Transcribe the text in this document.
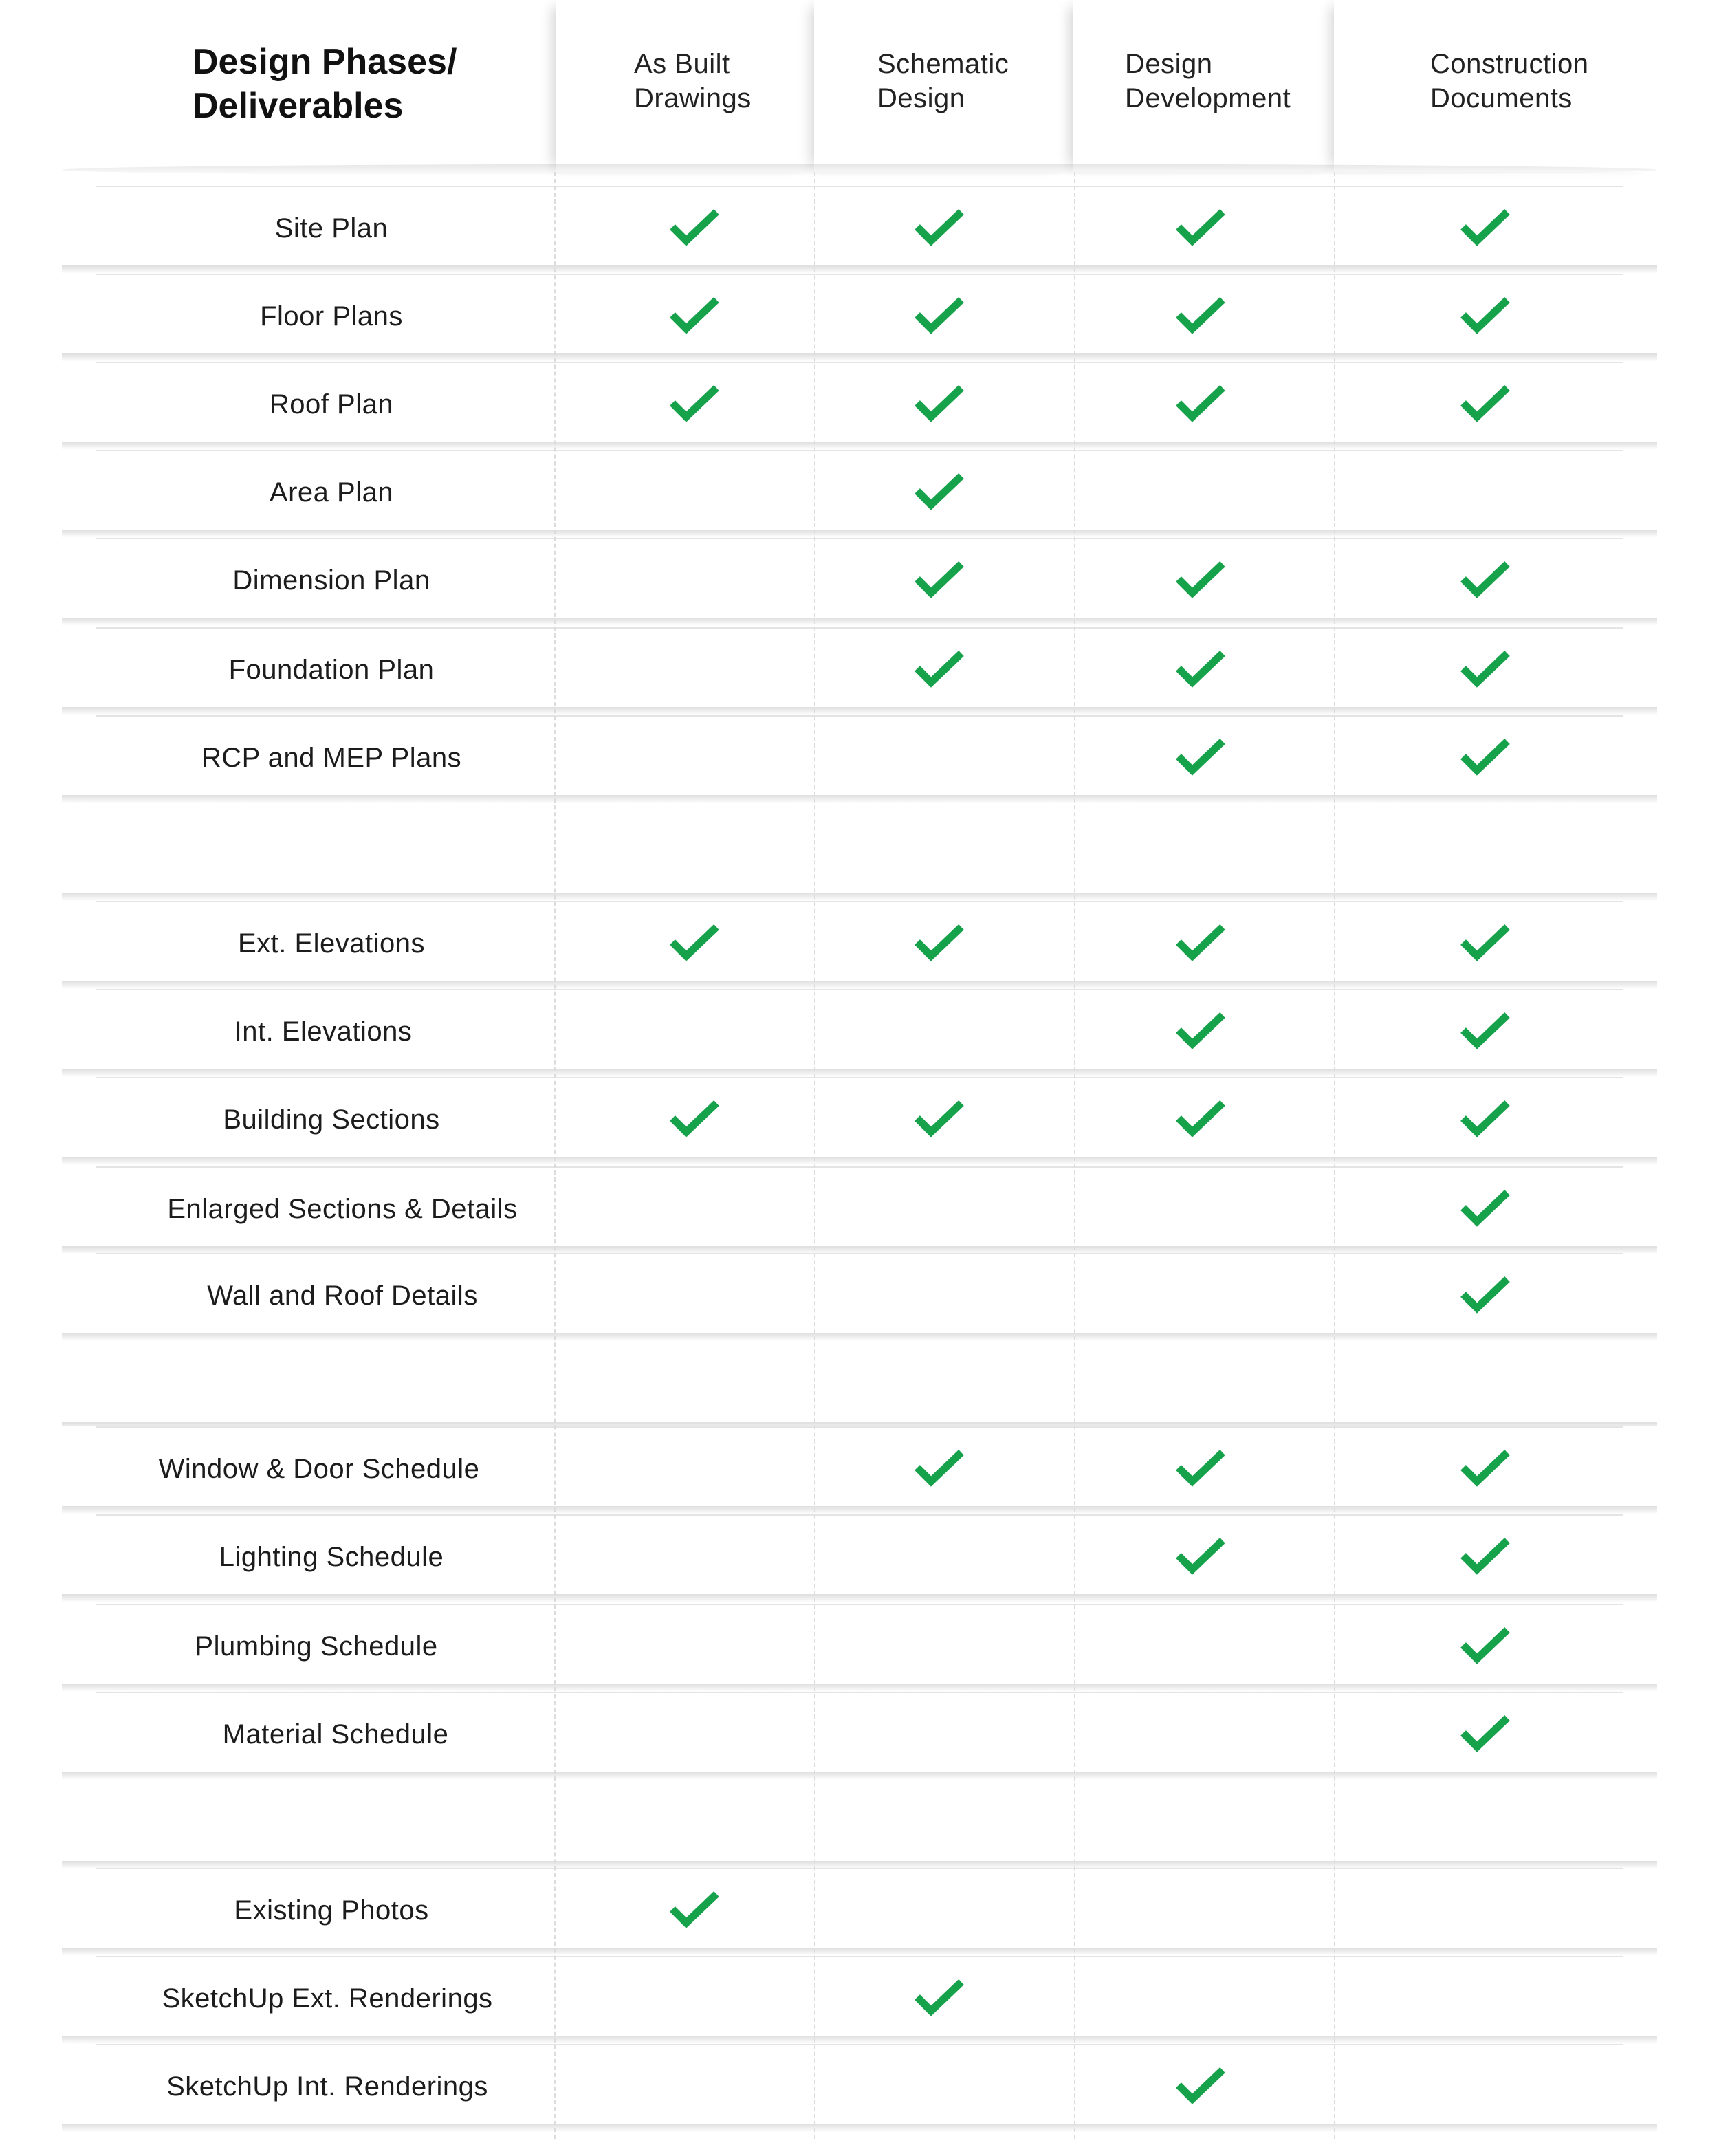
Design Phases/
Deliverables
As Built
Drawings
Schematic
Design
Design
Development
Construction
Documents
Site Plan
Floor Plans
Roof Plan
Area Plan
Dimension Plan
Foundation Plan
RCP and MEP Plans
Ext. Elevations
Int. Elevations
Building Sections
Enlarged Sections & Details
Wall and Roof Details
Window & Door Schedule
Lighting Schedule
Plumbing Schedule
Material Schedule
Existing Photos
SketchUp Ext. Renderings
SketchUp Int. Renderings
